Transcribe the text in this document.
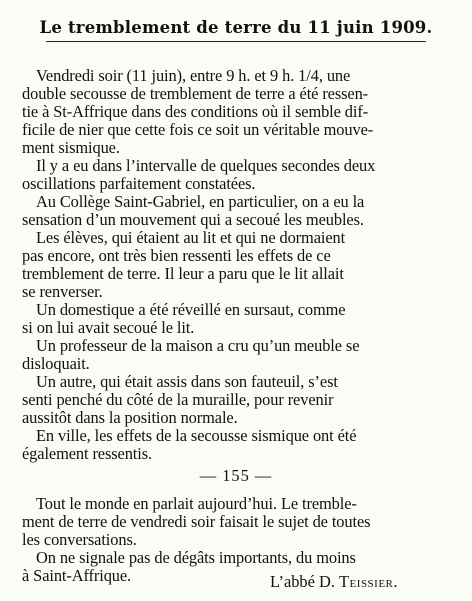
Le tremblement de terre du 11 juin 1909.
Vendredi soir (11 juin), entre 9 h. et 9 h. 1/4, une
double secousse de tremblement de terre a été ressen-
tie à St-Affrique dans des conditions où il semble dif-
ficile de nier que cette fois ce soit un véritable mouve-
ment sismique.
Il y a eu dans l’intervalle de quelques secondes deux
oscillations parfaitement constatées.
Au Collège Saint-Gabriel, en particulier, on a eu la
sensation d’un mouvement qui a secoué les meubles.
Les élèves, qui étaient au lit et qui ne dormaient
pas encore, ont très bien ressenti les effets de ce
tremblement de terre. Il leur a paru que le lit allait
se renverser.
Un domestique a été réveillé en sursaut, comme
si on lui avait secoué le lit.
Un professeur de la maison a cru qu’un meuble se
disloquait.
Un autre, qui était assis dans son fauteuil, s’est
senti penché du côté de la muraille, pour revenir
aussitôt dans la position normale.
En ville, les effets de la secousse sismique ont été
également ressentis.
— 155 —
Tout le monde en parlait aujourd’hui. Le tremble-
ment de terre de vendredi soir faisait le sujet de toutes
les conversations.
On ne signale pas de dégâts importants, du moins
à Saint-Affrique.	L’abbé D. Teissier.
